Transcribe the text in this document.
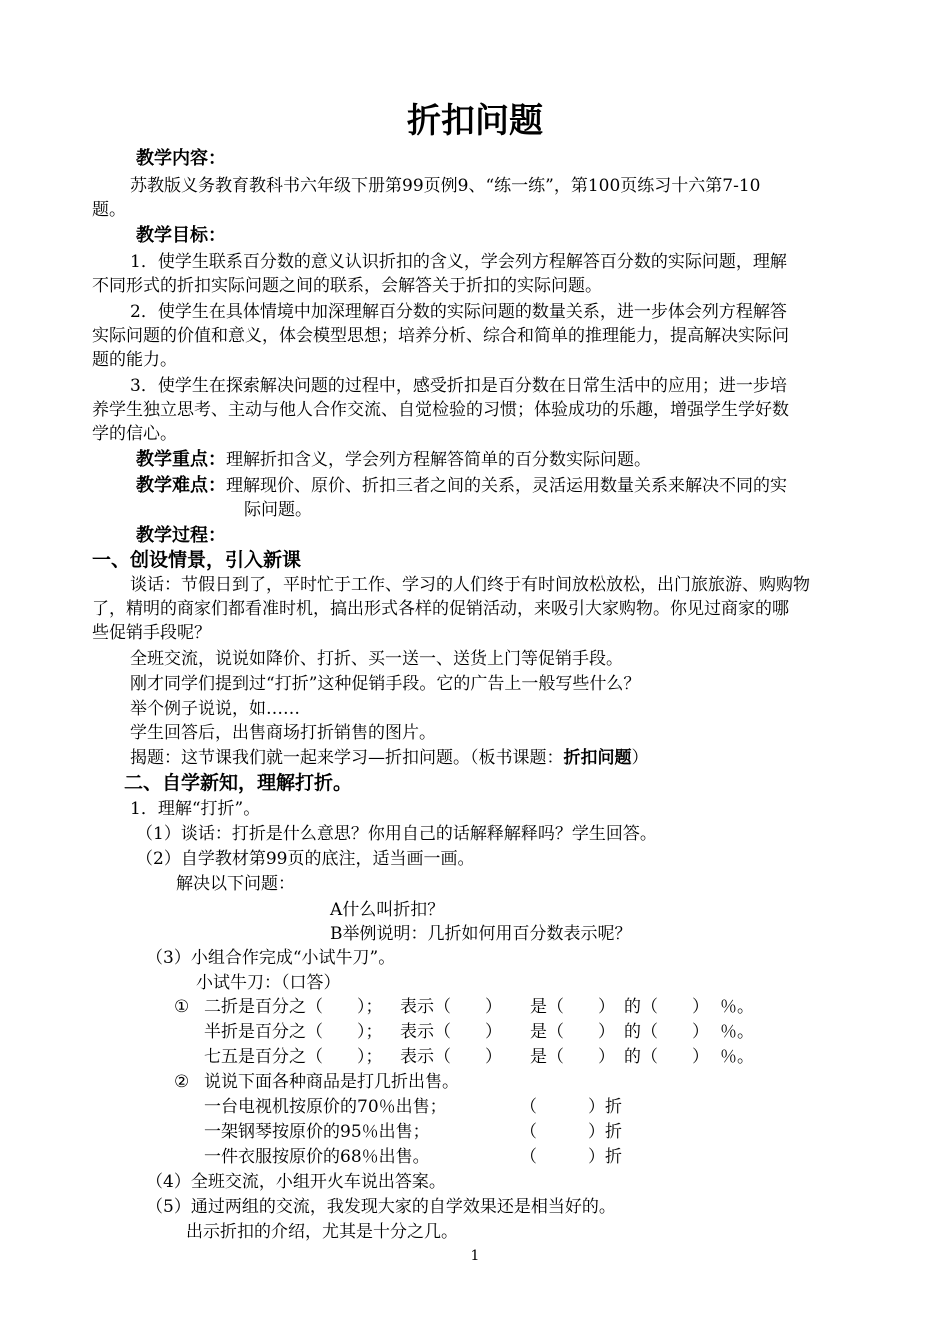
折扣问题
教学内容：
苏教版义务教育教科书六年级下册第99页例9、“练一练”，第100页练习十六第7-10
题。
教学目标：
1．使学生联系百分数的意义认识折扣的含义，学会列方程解答百分数的实际问题，理解
不同形式的折扣实际问题之间的联系，会解答关于折扣的实际问题。
2．使学生在具体情境中加深理解百分数的实际问题的数量关系，进一步体会列方程解答
实际问题的价值和意义，体会模型思想；培养分析、综合和简单的推理能力，提高解决实际问
题的能力。
3．使学生在探索解决问题的过程中，感受折扣是百分数在日常生活中的应用；进一步培
养学生独立思考、主动与他人合作交流、自觉检验的习惯；体验成功的乐趣，增强学生学好数
学的信心。
教学重点：理解折扣含义，学会列方程解答简单的百分数实际问题。
教学难点：理解现价、原价、折扣三者之间的关系，灵活运用数量关系来解决不同的实
际问题。
教学过程：
一、创设情景，引入新课
谈话：节假日到了，平时忙于工作、学习的人们终于有时间放松放松，出门旅旅游、购购物
了，精明的商家们都看准时机，搞出形式各样的促销活动，来吸引大家购物。你见过商家的哪
些促销手段呢？
全班交流，说说如降价、打折、买一送一、送货上门等促销手段。
刚才同学们提到过“打折”这种促销手段。它的广告上一般写些什么？
举个例子说说，如……
学生回答后，出售商场打折销售的图片。
揭题：这节课我们就一起来学习—折扣问题。（板书课题：折扣问题）
二、自学新知，理解打折。
1．理解“打折”。
（1）谈话：打折是什么意思？你用自己的话解释解释吗？学生回答。
（2）自学教材第99页的底注，适当画一画。
解决以下问题：
A什么叫折扣？
B举例说明：几折如何用百分数表示呢？
（3）小组合作完成“小试牛刀”。
小试牛刀：（口答）
① 二折是百分之（　　）； 表示（　　） 是（　　） 的（　　） ％。
半折是百分之（　　）； 表示（　　） 是（　　） 的（　　） ％。
七五是百分之（　　）； 表示（　　） 是（　　） 的（　　） ％。
② 说说下面各种商品是打几折出售。
一台电视机按原价的70％出售；	（　　　）折
一架钢琴按原价的95％出售；	（　　　）折
一件衣服按原价的68％出售。	（　　　）折
（4）全班交流，小组开火车说出答案。
（5）通过两组的交流，我发现大家的自学效果还是相当好的。
出示折扣的介绍，尤其是十分之几。
1
